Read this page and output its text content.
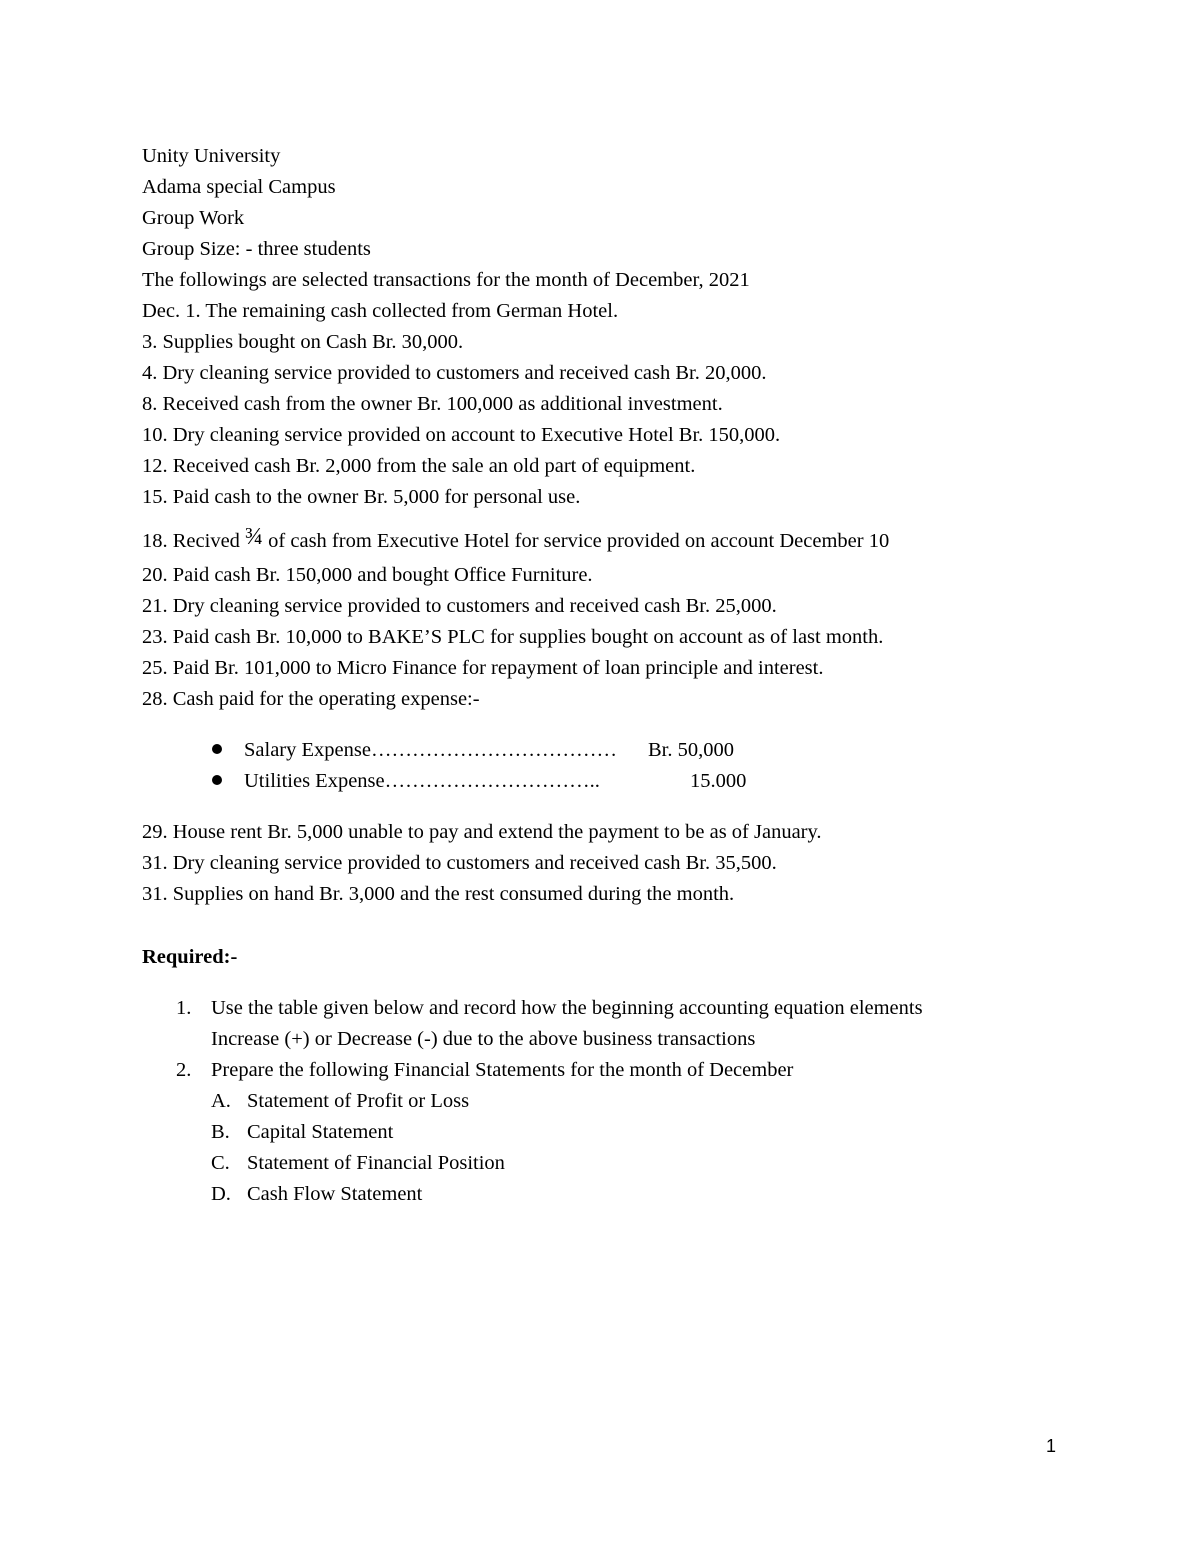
Unity University
Adama special Campus
Group Work
Group Size: - three students
The followings are selected transactions for the month of December, 2021
Dec. 1. The remaining cash collected from German Hotel.
3. Supplies bought on Cash Br. 30,000.
4. Dry cleaning service provided to customers and received cash Br. 20,000.
8. Received cash from the owner Br. 100,000 as additional investment.
10. Dry cleaning service provided on account to Executive Hotel Br. 150,000.
12. Received cash Br. 2,000 from the sale an old part of equipment.
15. Paid cash to the owner Br. 5,000 for personal use.
18. Recived ¾ of cash from Executive Hotel for service provided on account December 10
20. Paid cash Br. 150,000 and bought Office Furniture.
21. Dry cleaning service provided to customers and received cash Br. 25,000.
23. Paid cash Br. 10,000 to BAKE’S PLC for supplies bought on account as of last month.
25. Paid Br. 101,000 to Micro Finance for repayment of loan principle and interest.
28. Cash paid for the operating expense:-
Salary Expense……………………………… Br. 50,000
Utilities Expense…………………………..	15.000
29. House rent Br. 5,000 unable to pay and extend the payment to be as of January.
31. Dry cleaning service provided to customers and received cash Br. 35,500.
31. Supplies on hand Br. 3,000 and the rest consumed during the month.
Required:-
1. Use the table given below and record how the beginning accounting equation elements
Increase (+) or Decrease (-) due to the above business transactions
2. Prepare the following Financial Statements for the month of December
A. Statement of Profit or Loss
B. Capital Statement
C. Statement of Financial Position
D. Cash Flow Statement
1
